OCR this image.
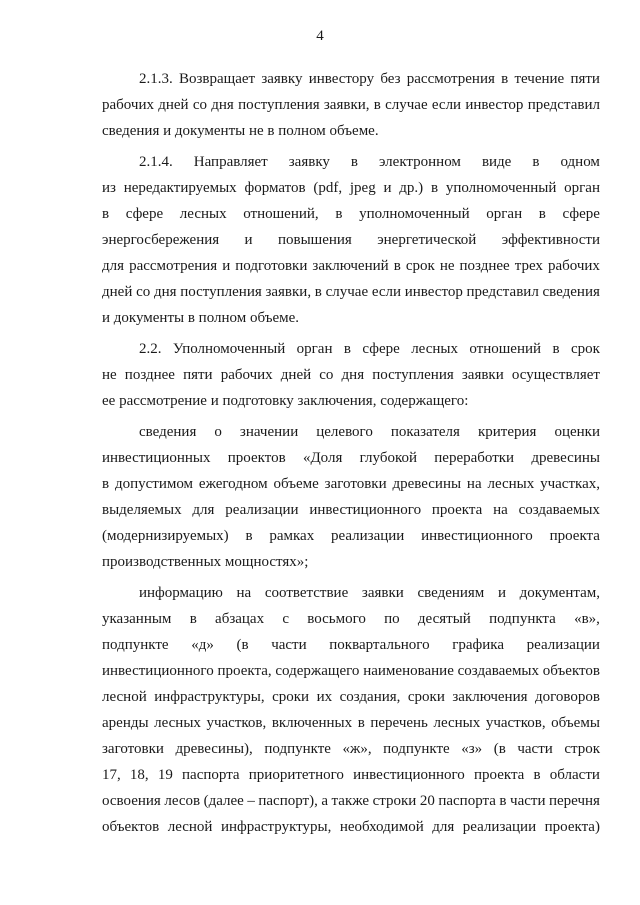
4
2.1.3. Возвращает заявку инвестору без рассмотрения в течение пяти
рабочих дней со дня поступления заявки, в случае если инвестор представил
сведения и документы не в полном объеме.
2.1.4. Направляет заявку в электронном виде в одном
из нередактируемых форматов (pdf, jpeg и др.) в уполномоченный орган
в сфере лесных отношений, в уполномоченный орган в сфере
энергосбережения и повышения энергетической эффективности
для рассмотрения и подготовки заключений в срок не позднее трех рабочих
дней со дня поступления заявки, в случае если инвестор представил сведения
и документы в полном объеме.
2.2. Уполномоченный орган в сфере лесных отношений в срок
не позднее пяти рабочих дней со дня поступления заявки осуществляет
ее рассмотрение и подготовку заключения, содержащего:
сведения о значении целевого показателя критерия оценки
инвестиционных проектов «Доля глубокой переработки древесины
в допустимом ежегодном объеме заготовки древесины на лесных участках,
выделяемых для реализации инвестиционного проекта на создаваемых
(модернизируемых) в рамках реализации инвестиционного проекта
производственных мощностях»;
информацию на соответствие заявки сведениям и документам,
указанным в абзацах с восьмого по десятый подпункта «в»,
подпункте «д» (в части поквартального графика реализации
инвестиционного проекта, содержащего наименование создаваемых объектов
лесной инфраструктуры, сроки их создания, сроки заключения договоров
аренды лесных участков, включенных в перечень лесных участков, объемы
заготовки древесины), подпункте «ж», подпункте «з» (в части строк
17, 18, 19 паспорта приоритетного инвестиционного проекта в области
освоения лесов (далее – паспорт), а также строки 20 паспорта в части перечня
объектов лесной инфраструктуры, необходимой для реализации проекта)
